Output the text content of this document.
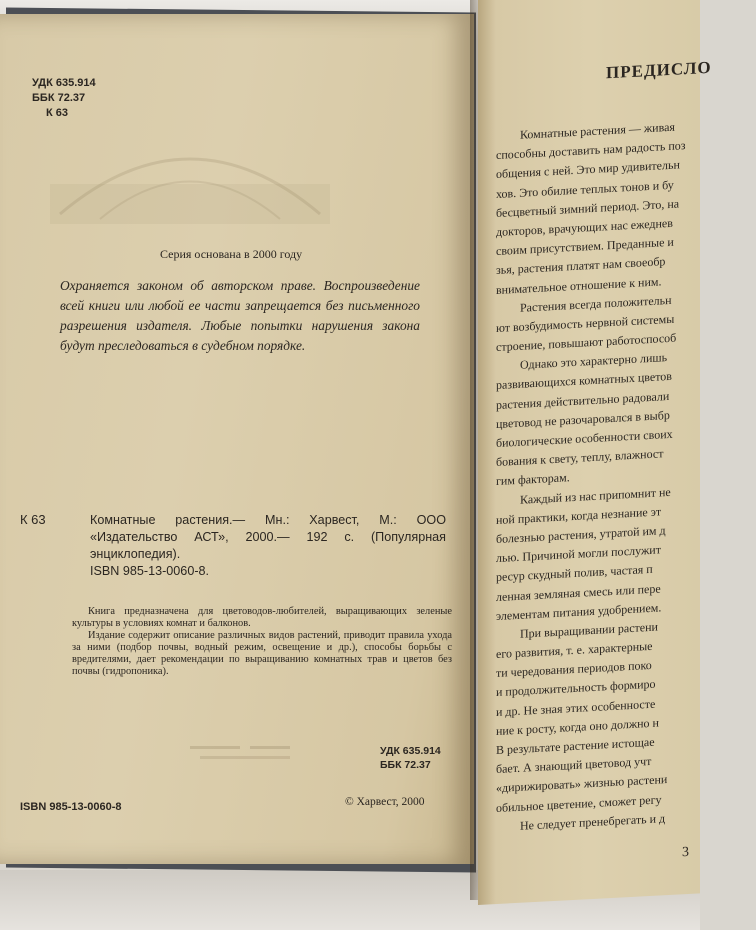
УДК 635.914
ББК 72.37
К 63
Серия основана в 2000 году
Охраняется законом об авторском праве. Воспроизведение всей книги или любой ее части запрещается без письменного разрешения издателя. Любые попытки нарушения закона будут преследоваться в судебном порядке.
К 63	Комнатные растения.— Мн.: Харвест, М.: ООО «Издательство АСТ», 2000.— 192 с. (Популярная энциклопедия).
ISBN 985-13-0060-8.

Книга предназначена для цветоводов-любителей, выращивающих зеленые культуры в условиях комнат и балконов.

Издание содержит описание различных видов растений, приводит правила ухода за ними (подбор почвы, водный режим, освещение и др.), способы борьбы с вредителями, дает рекомендации по выращиванию комнатных трав и цветов без почвы (гидропоника).

УДК 635.914
ББК 72.37
ISBN 985-13-0060-8	© Харвест, 2000
ПРЕДИСЛО
Комнатные растения — живая
способны доставить нам радость поз
общения с ней. Это мир удивительн
хов. Это обилие теплых тонов и бу
бесцветный зимний период. Это, на
докторов, врачующих нас ежеднев
своим присутствием. Преданные и
зья, растения платят нам своеобр
внимательное отношение к ним.
Растения всегда положительн
ют возбудимость нервной системы
строение, повышают работоспособ
Однако это характерно лишь
развивающихся комнатных цветов
растения действительно радовали
цветовод не разочаровался в выбр
биологические особенности своих
бования к свету, теплу, влажност
гим факторам.
Каждый из нас припомнит не
ной практики, когда незнание эт
болезнью растения, утратой им д
лью. Причиной могли послужит
ресур скудный полив, частая п
ленная земляная смесь или пере
элементам питания удобрением.
При выращивании растени
его развития, т. е. характерные
ти чередования периодов поко
и продолжительность формиро
и др. Не зная этих особенносте
ние к росту, когда оно должно н
В результате растение истощае
бает. А знающий цветовод учт
«дирижировать» жизнью растени
обильное цветение, сможет регу
Не следует пренебрегать и д
3
